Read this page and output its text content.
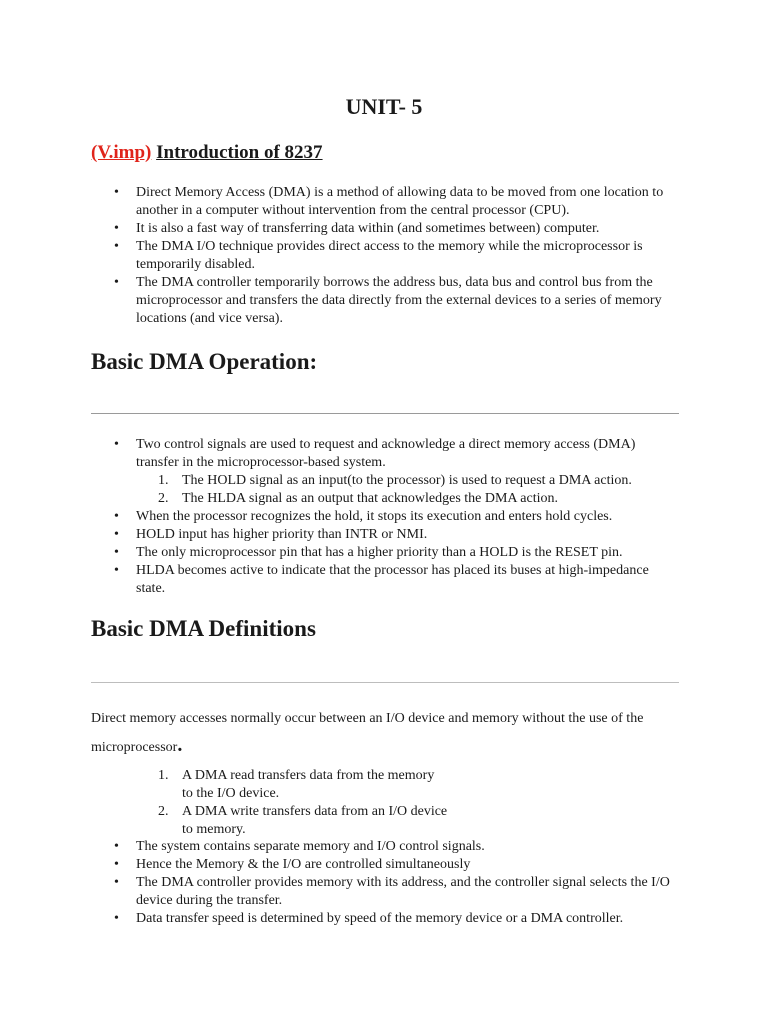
UNIT- 5
(V.imp) Introduction of 8237
• Direct Memory Access (DMA) is a method of allowing data to be moved from one location to another in a computer without intervention from the central processor (CPU).
• It is also a fast way of transferring data within (and sometimes between) computer.
• The DMA I/O technique provides direct access to the memory while the microprocessor is temporarily disabled.
• The DMA controller temporarily borrows the address bus, data bus and control bus from the microprocessor and transfers the data directly from the external devices to a series of memory locations (and vice versa).
Basic DMA Operation:
• Two control signals are used to request and acknowledge a direct memory access (DMA) transfer in the microprocessor-based system.
1. The HOLD signal as an input(to the processor) is used to request a DMA action.
2. The HLDA signal as an output that acknowledges the DMA action.
• When the processor recognizes the hold, it stops its execution and enters hold cycles.
• HOLD input has higher priority than INTR or NMI.
• The only microprocessor pin that has a higher priority than a HOLD is the RESET pin.
• HLDA becomes active to indicate that the processor has placed its buses at high-impedance state.
Basic DMA Definitions

Direct memory accesses normally occur between an I/O device and memory without the use of the microprocessor.

1. A DMA read transfers data from the memory
to the I/O device.
2. A DMA write transfers data from an I/O device
to memory.
• The system contains separate memory and I/O control signals.
• Hence the Memory & the I/O are controlled simultaneously
• The DMA controller provides memory with its address, and the controller signal selects the I/O device during the transfer.
• Data transfer speed is determined by speed of the memory device or a DMA controller.
